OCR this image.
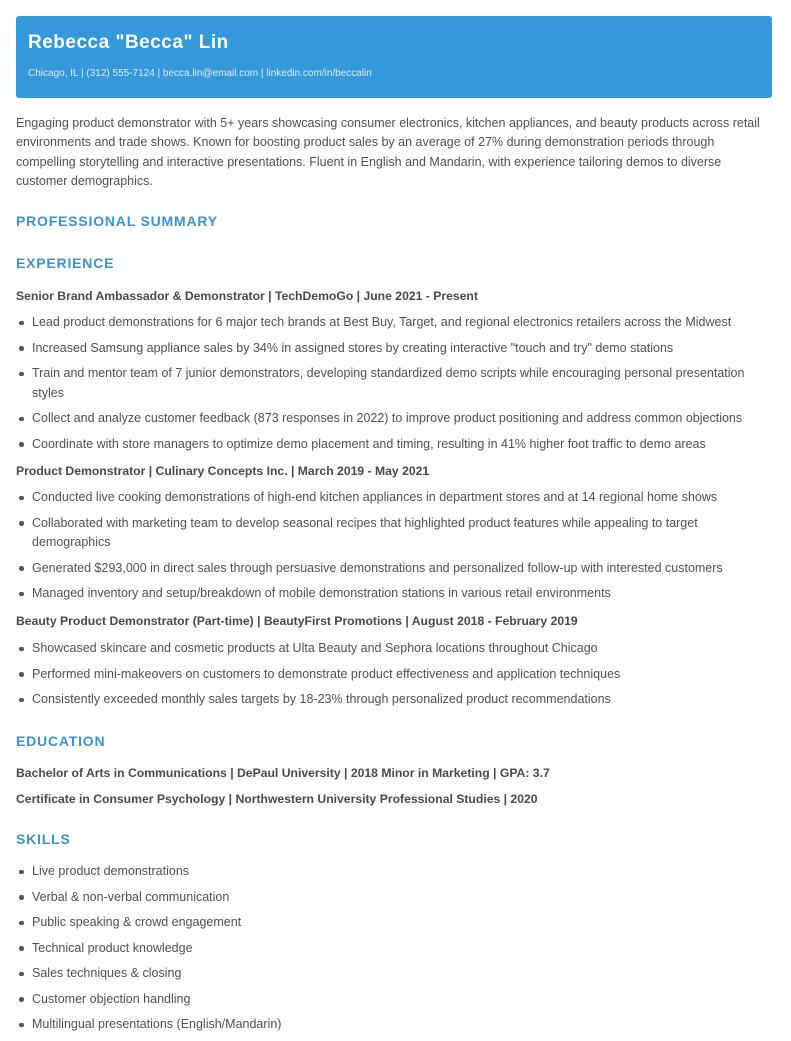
Rebecca "Becca" Lin
Chicago, IL | (312) 555-7124 | becca.lin@email.com | linkedin.com/in/beccalin

Engaging product demonstrator with 5+ years showcasing consumer electronics, kitchen appliances, and beauty products across retail environments and trade shows. Known for boosting product sales by an average of 27% during demonstration periods through compelling storytelling and interactive presentations. Fluent in English and Mandarin, with experience tailoring demos to diverse customer demographics.

PROFESSIONAL SUMMARY
EXPERIENCE
Senior Brand Ambassador & Demonstrator | TechDemoGo | June 2021 - Present
Lead product demonstrations for 6 major tech brands at Best Buy, Target, and regional electronics retailers across the Midwest
Increased Samsung appliance sales by 34% in assigned stores by creating interactive "touch and try" demo stations
Train and mentor team of 7 junior demonstrators, developing standardized demo scripts while encouraging personal presentation styles
Collect and analyze customer feedback (873 responses in 2022) to improve product positioning and address common objections
Coordinate with store managers to optimize demo placement and timing, resulting in 41% higher foot traffic to demo areas
Product Demonstrator | Culinary Concepts Inc. | March 2019 - May 2021
Conducted live cooking demonstrations of high-end kitchen appliances in department stores and at 14 regional home shows
Collaborated with marketing team to develop seasonal recipes that highlighted product features while appealing to target demographics
Generated $293,000 in direct sales through persuasive demonstrations and personalized follow-up with interested customers
Managed inventory and setup/breakdown of mobile demonstration stations in various retail environments
Beauty Product Demonstrator (Part-time) | BeautyFirst Promotions | August 2018 - February 2019
Showcased skincare and cosmetic products at Ulta Beauty and Sephora locations throughout Chicago
Performed mini-makeovers on customers to demonstrate product effectiveness and application techniques
Consistently exceeded monthly sales targets by 18-23% through personalized product recommendations
EDUCATION
Bachelor of Arts in Communications | DePaul University | 2018 Minor in Marketing | GPA: 3.7
Certificate in Consumer Psychology | Northwestern University Professional Studies | 2020
SKILLS
Live product demonstrations
Verbal & non-verbal communication
Public speaking & crowd engagement
Technical product knowledge
Sales techniques & closing
Customer objection handling
Multilingual presentations (English/Mandarin)
